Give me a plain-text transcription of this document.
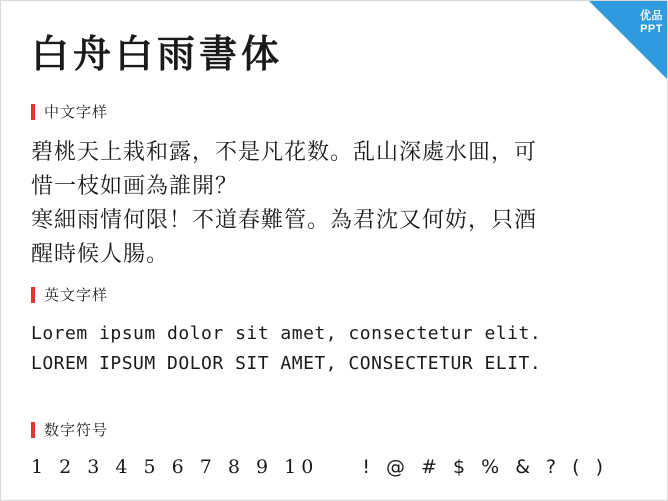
优品
PPT
白舟白雨書体
中文字样
碧桃天上栽和露，不是凡花数。乱山深處水囬，可
惜一枝如画為誰開？
寒細雨情何限！不道春難管。為君沈又何妨，只酒
醒時候人腸。
英文字样
Lorem ipsum dolor sit amet, consectetur elit.
LOREM IPSUM DOLOR SIT AMET, CONSECTETUR ELIT.
数字符号
1 2 3 4 5 6 7 8 9 10 ! @ # $ % & ? ( )
